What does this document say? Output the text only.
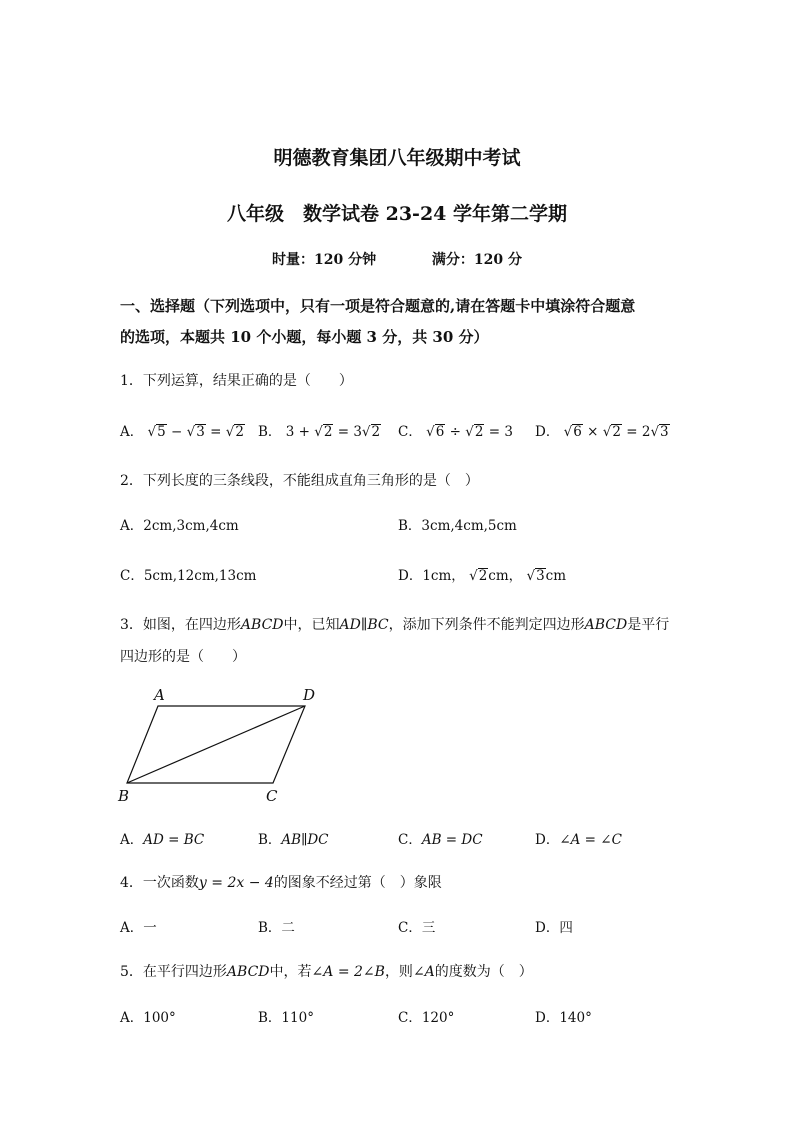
明德教育集团八年级期中考试
八年级　数学试卷 23-24 学年第二学期
时量：120 分钟	满分：120 分
一、选择题（下列选项中，只有一项是符合题意的,请在答题卡中填涂符合题意
的选项，本题共 10 个小题，每小题 3 分，共 30 分）
1．下列运算，结果正确的是（　　）
A． √5 − √3 = √2 B． 3 + √2 = 3√2 C． √6 ÷ √2 = 3 D． √6 × √2 = 2√3
2．下列长度的三条线段，不能组成直角三角形的是（　）
A．2cm,3cm,4cm	B．3cm,4cm,5cm
C．5cm,12cm,13cm	D．1cm， √2cm， √3cm
3．如图，在四边形ABCD中，已知AD∥BC，添加下列条件不能判定四边形ABCD是平行
四边形的是（　　）
A	D
B	C
A．AD = BC	B．AB∥DC	C．AB = DC	D．∠A = ∠C
4．一次函数y = 2x − 4的图象不经过第（　）象限
A．一	B．二	C．三	D．四
5．在平行四边形ABCD中，若∠A = 2∠B，则∠A的度数为（　）
A．100°	B．110°	C．120°	D．140°
